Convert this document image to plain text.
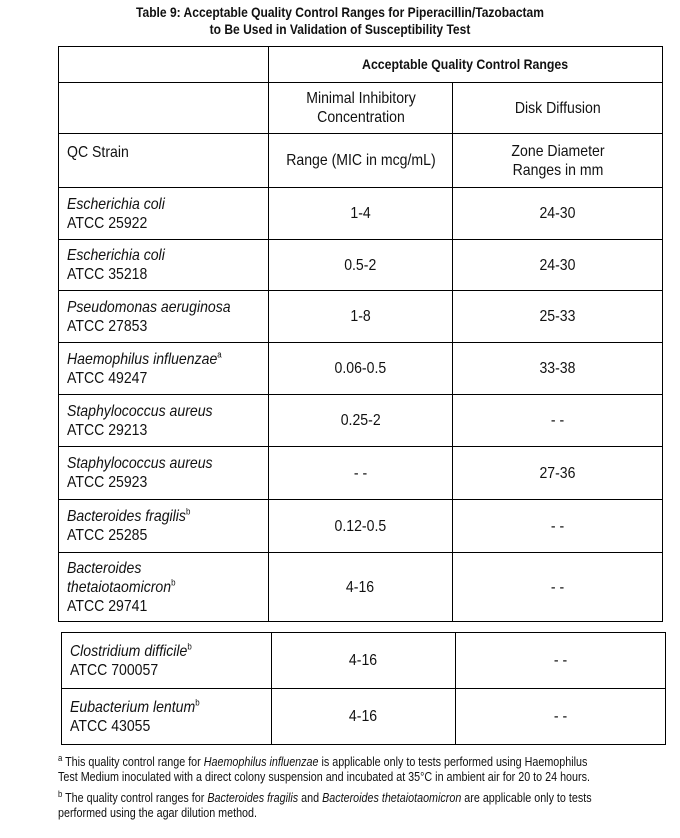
Table 9: Acceptable Quality Control Ranges for Piperacillin/Tazobactam
to Be Used in Validation of Susceptibility Test
	Acceptable Quality Control Ranges	

	Minimal Inhibitory Concentration	Disk Diffusion
QC Strain	Range (MIC in mcg/mL)	Zone Diameter Ranges in mm

Escherichia coli
ATCC 25922	1-4	24-30
Escherichia coli
ATCC 35218	0.5-2	24-30
Pseudomonas aeruginosa
ATCC 27853	1-8	25-33
Haemophilus influenzae$^a$
ATCC 49247	0.06-0.5	33-38
Staphylococcus aureus
ATCC 29213	0.25-2	- -
Staphylococcus aureus
ATCC 25923	- -	27-36
Bacteroides fragilis$^b$
ATCC 25285	0.12-0.5	- -
Bacteroides
thetaiotaomicron$^b$
ATCC 29741	4-16	- -
Clostridium difficile$^b$
ATCC 700057	4-16	- -
Eubacterium lentum$^b$
ATCC 43055	4-16	- -
$^a$ This quality control range for Haemophilus influenzae is applicable only to tests performed using Haemophilus Test Medium inoculated with a direct colony suspension and incubated at 35°C in ambient air for 20 to 24 hours.
$^b$ The quality control ranges for Bacteroides fragilis and Bacteroides thetaiotaomicron are applicable only to tests performed using the agar dilution method.
